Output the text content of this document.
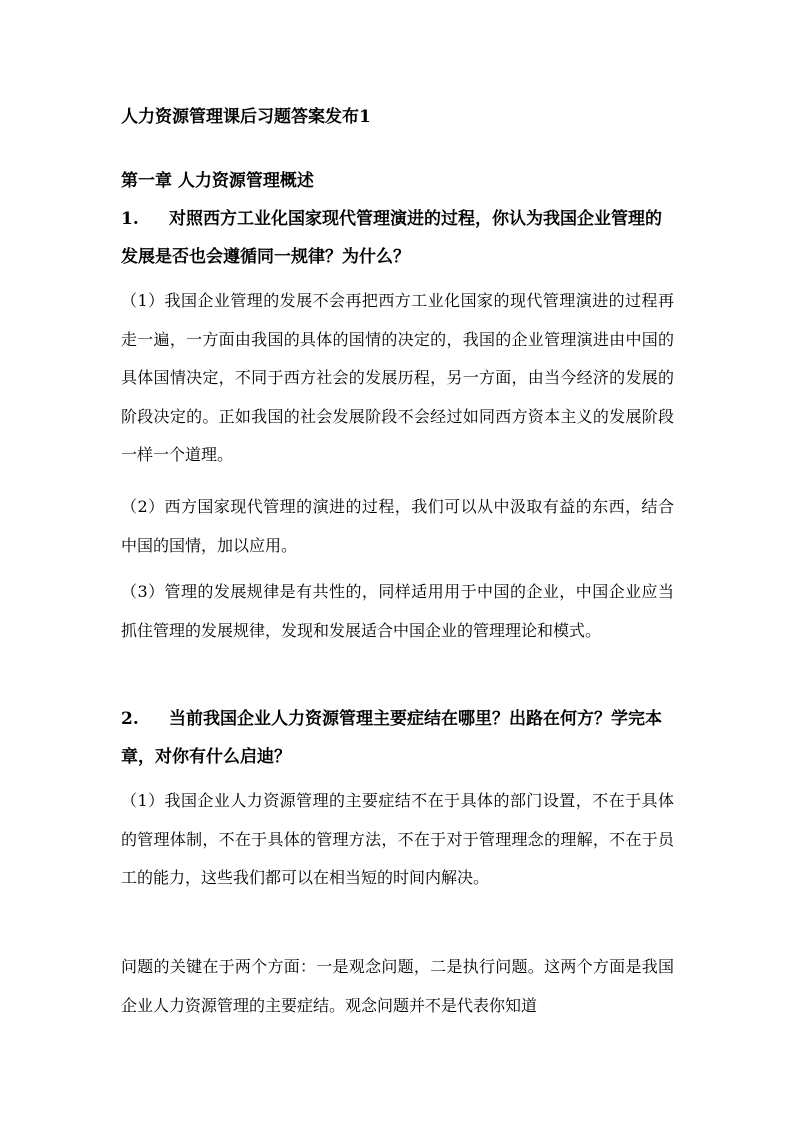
人力资源管理课后习题答案发布1
第一章 人力资源管理概述
1. 对照西方工业化国家现代管理演进的过程，你认为我国企业管理的发展是否也会遵循同一规律？为什么？
（1）我国企业管理的发展不会再把西方工业化国家的现代管理演进的过程再走一遍，一方面由我国的具体的国情的决定的，我国的企业管理演进由中国的具体国情决定，不同于西方社会的发展历程，另一方面，由当今经济的发展的阶段决定的。正如我国的社会发展阶段不会经过如同西方资本主义的发展阶段一样一个道理。
（2）西方国家现代管理的演进的过程，我们可以从中汲取有益的东西，结合中国的国情，加以应用。
（3）管理的发展规律是有共性的，同样适用用于中国的企业，中国企业应当抓住管理的发展规律，发现和发展适合中国企业的管理理论和模式。
2. 当前我国企业人力资源管理主要症结在哪里？出路在何方？学完本章，对你有什么启迪？
（1）我国企业人力资源管理的主要症结不在于具体的部门设置，不在于具体的管理体制，不在于具体的管理方法，不在于对于管理理念的理解，不在于员工的能力，这些我们都可以在相当短的时间内解决。
问题的关键在于两个方面：一是观念问题，二是执行问题。这两个方面是我国企业人力资源管理的主要症结。观念问题并不是代表你知道
